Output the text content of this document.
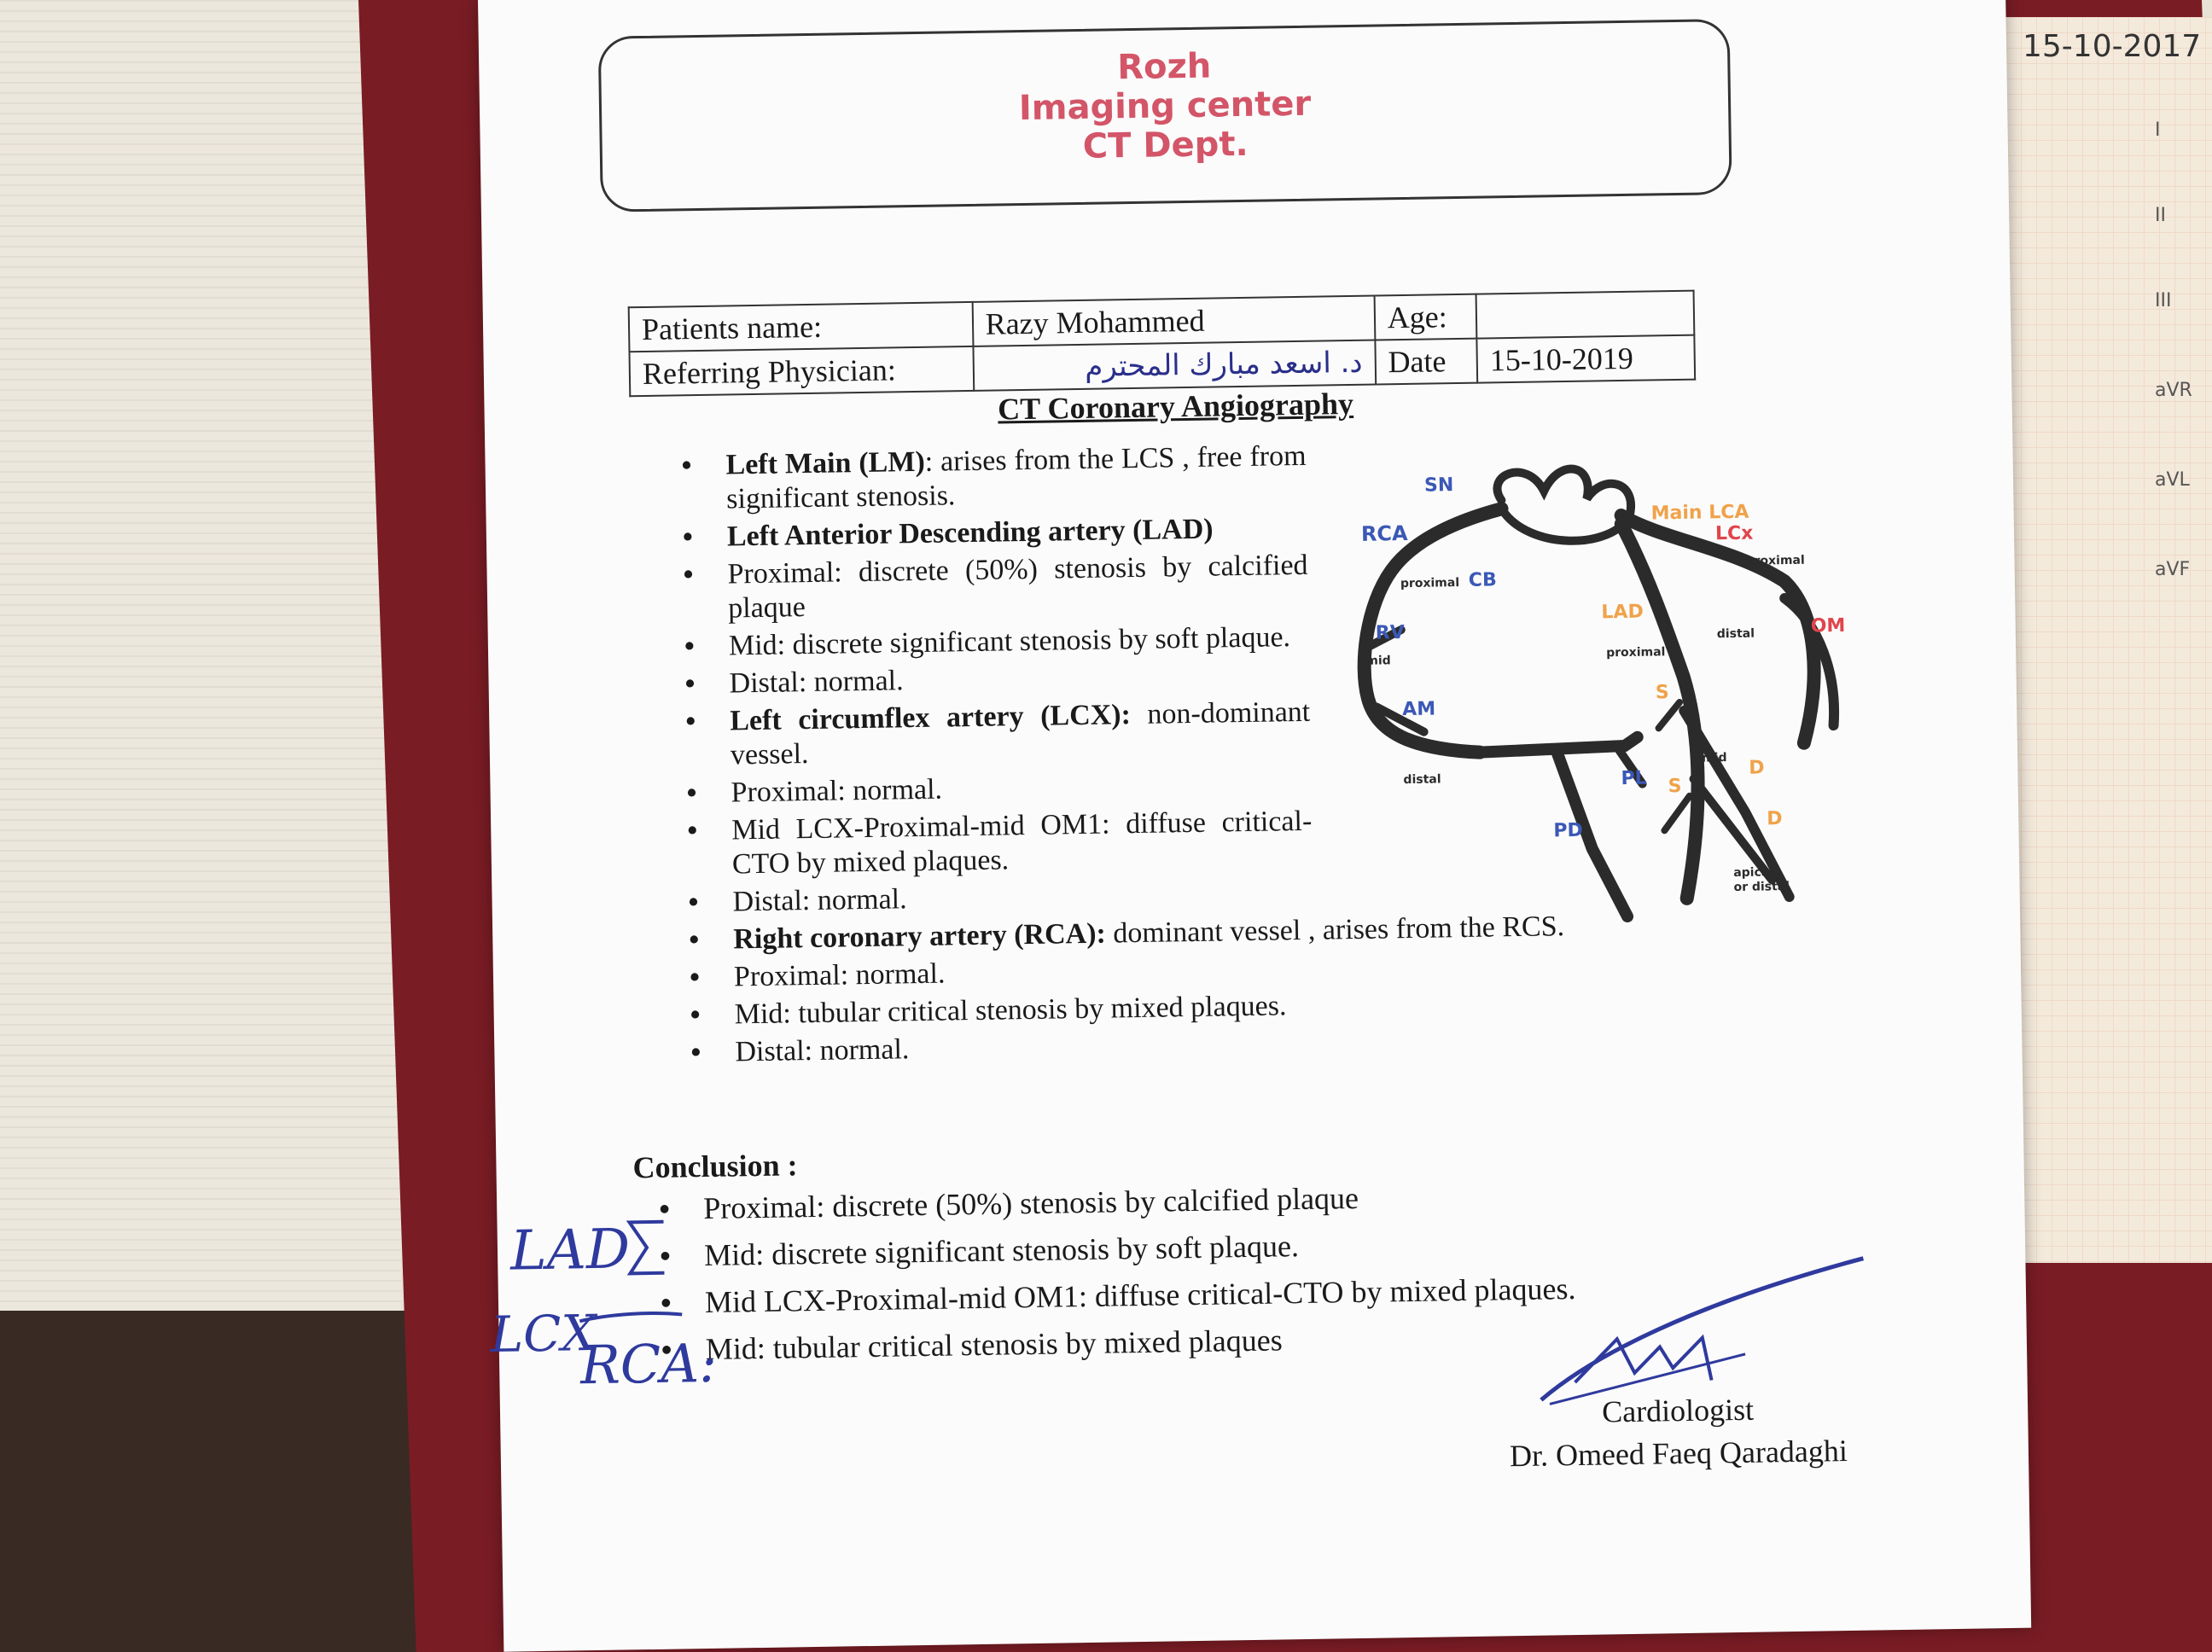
15-10-2017
I
II
III
aVR
aVL
aVF
Rozh
Imaging center
CT Dept.
Patients name:	Razy Mohammed	Age:	
Referring Physician:	د. اسعد مبارك المحترم	Date	15-10-2019
CT Coronary Angiography
• Left Main (LM): arises from the LCS , free from significant stenosis.
• Left Anterior Descending artery (LAD)
• Proximal: discrete (50%) stenosis by calcified plaque
• Mid: discrete significant stenosis by soft plaque.
• Distal: normal.
• Left circumflex artery (LCX): non-dominant vessel.
• Proximal: normal.
• Mid LCX-Proximal-mid OM1: diffuse critical-CTO by mixed plaques.
• Distal: normal.
• Right coronary artery (RCA): dominant vessel , arises from the RCS.
• Proximal: normal.
• Mid: tubular critical stenosis by mixed plaques.
• Distal: normal.
SN
Main LCA
LCx
RCA
CB
proximal
proximal
LAD
proximal
distal	OM
RV
mid
AM
S
S
mid D
D
distal	PL
PD
apical
or distal
Conclusion :
• Proximal: discrete (50%) stenosis by calcified plaque
• Mid: discrete significant stenosis by soft plaque.
• Mid LCX-Proximal-mid OM1: diffuse critical-CTO by mixed plaques.
• Mid: tubular critical stenosis by mixed plaques
LAD
LCX
RCA:
Cardiologist
Dr. Omeed Faeq Qaradaghi
